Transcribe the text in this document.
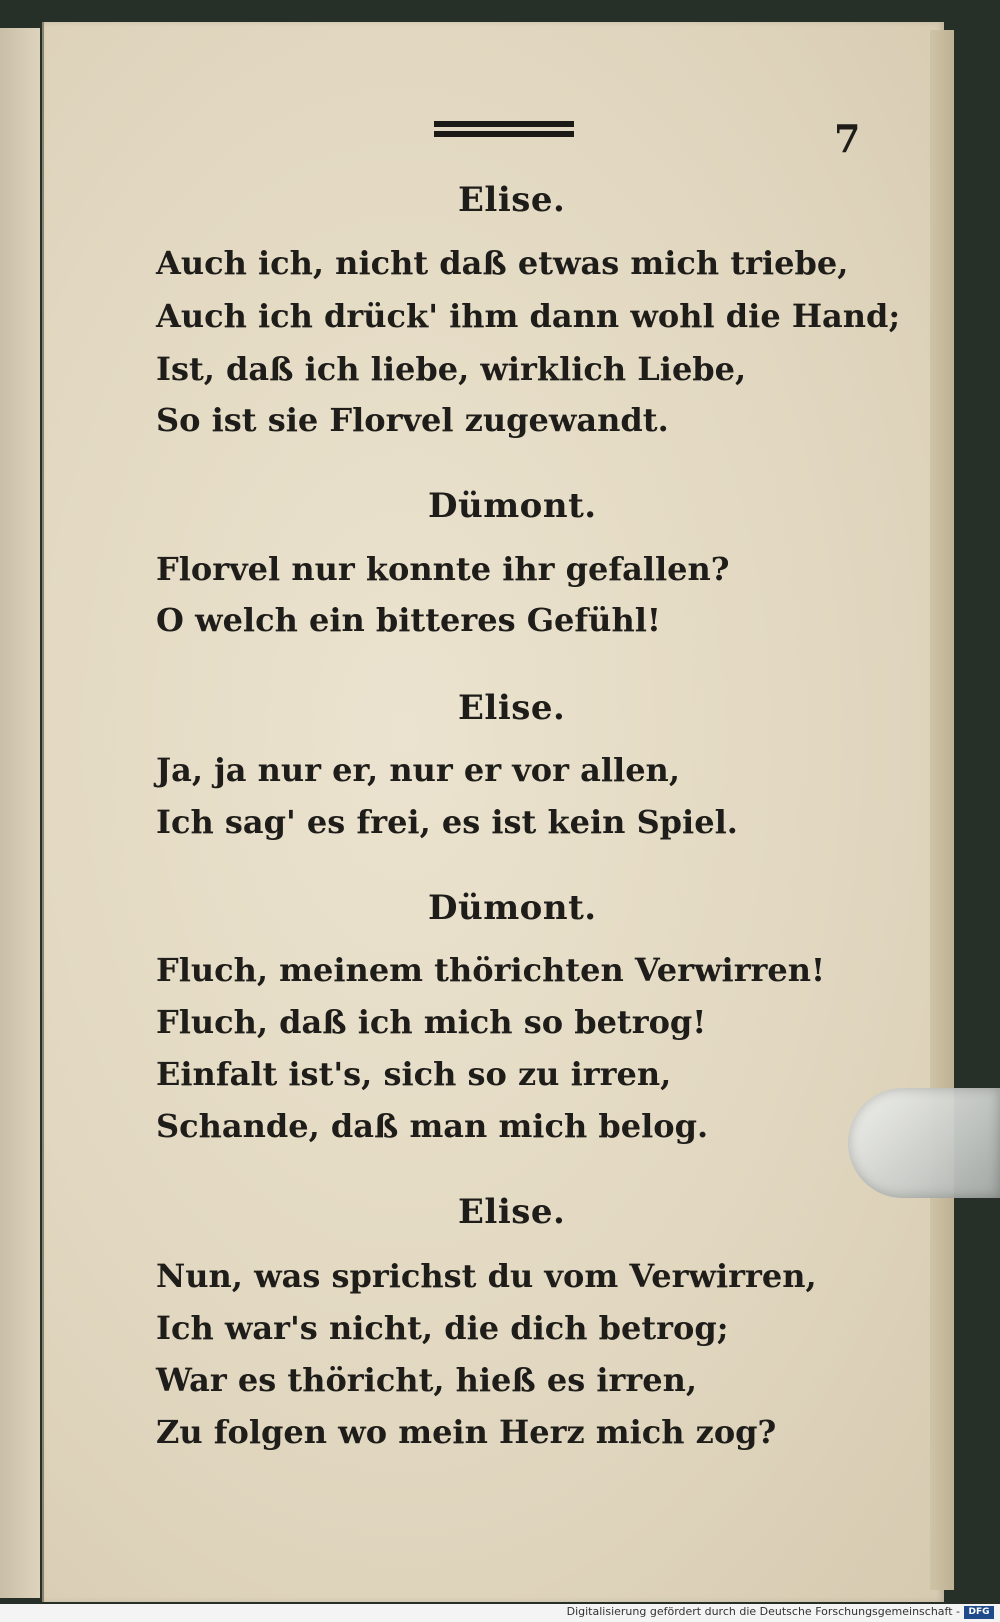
7
Elise.
Auch ich, nicht daß etwas mich triebe,
Auch ich drück' ihm dann wohl die Hand;
Ist, daß ich liebe, wirklich Liebe,
So ist sie Florvel zugewandt.
Dümont.
Florvel nur konnte ihr gefallen?
O welch ein bitteres Gefühl!
Elise.
Ja, ja nur er, nur er vor allen,
Ich sag' es frei, es ist kein Spiel.
Dümont.
Fluch, meinem thörichten Verwirren!
Fluch, daß ich mich so betrog!
Einfalt ist's, sich so zu irren,
Schande, daß man mich belog.
Elise.
Nun, was sprichst du vom Verwirren,
Ich war's nicht, die dich betrog;
War es thöricht, hieß es irren,
Zu folgen wo mein Herz mich zog?
Digitalisierung gefördert durch die Deutsche Forschungsgemeinschaft - DFG
